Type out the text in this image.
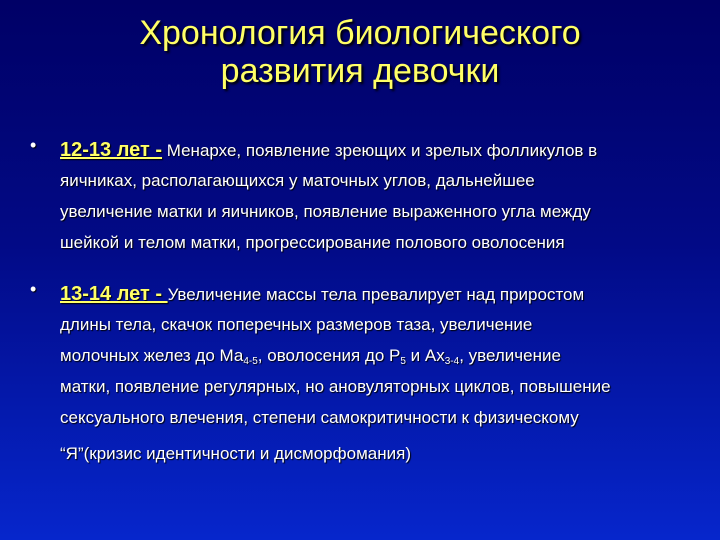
Хронология биологического
развития девочки
• 12-13 лет - Менархе, появление зреющих и зрелых фолликулов в
яичниках, располагающихся у маточных углов, дальнейшее
увеличение матки и яичников, появление выраженного угла между
шейкой и телом матки, прогрессирование полового оволосения
• 13-14 лет - Увеличение массы тела превалирует над приростом
длины тела, скачок поперечных размеров таза, увеличение
молочных желез до $Ма_{4-5}$, оволосения до $Р_5$ и $Ах_{3-4}$, увеличение
матки, появление регулярных, но ановуляторных циклов, повышение
сексуального влечения, степени самокритичности к физическому
“Я”(кризис идентичности и дисморфомания)
